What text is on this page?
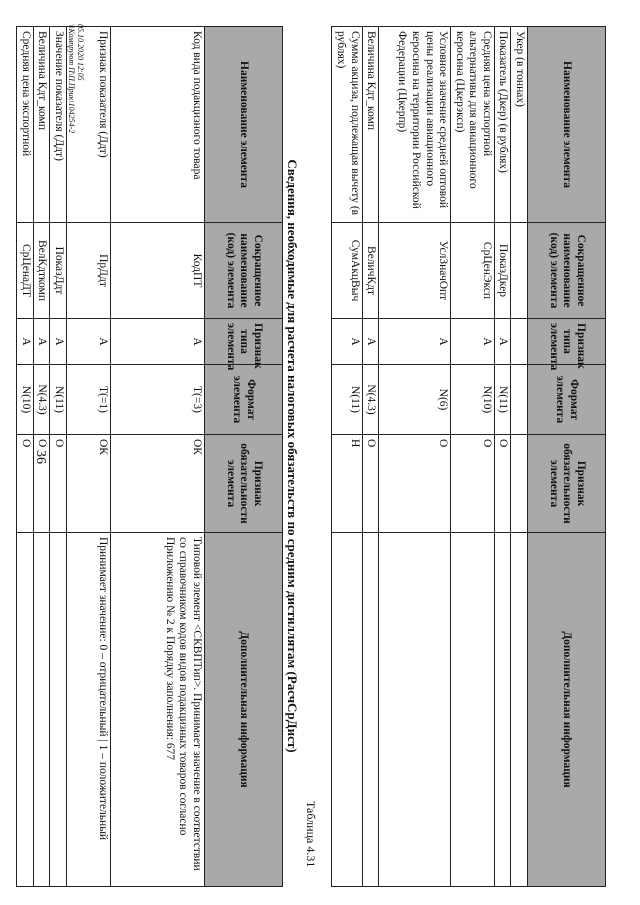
36
Наименование элемента	Сокращенное наименование (код) элемента	Признак типа элемента	Формат элемента	Признак обязательности элемента	Дополнительная информация
Укер (в тоннах)					
Показатель (Дкер) (в рублях)	ПоказДкер	А	N(11)	О	
Средняя цена экспортной альтернативы для авиационного керосина (Цкерэксп)	СрЦенЭксп	А	N(10)	О	
Условное значение средней оптовой цены реализации авиационного керосина на территории Российской Федерации (Цкерпр)	УслЗначОпт	А	N(6)	О	
Величина Кдт_комп	ВеличКдт	А	N(4.3)	О	
Сумма акциза, подлежащая вычету (в рублях)	СумАкцВыч	А	N(11)	Н	
Таблица 4.31
Сведения, необходимые для расчета налоговых обязательств по средним дистиллятам (РасчСрДист)
Наименование элемента	Сокращенное наименование (код) элемента	Признак типа элемента	Формат элемента	Признак обязательности элемента	Дополнительная информация
Код вида подакцизного товара	КодПТ	А	Т(=3)	ОК	Типовой элемент <СКВПТип>. Принимает значение в соответствии со справочником кодов видов подакцизных товаров согласно Приложению № 2 к Порядку заполнения: 677
Признак показателя (Ддт)	ПрДдт	А	Т(=1)	ОК	Принимает значение: 0 – отрицательный | 1 – положительный
Значение показателя (Ддт)	ПоказДдт	А	N(11)	О	
Величина Кдт_комп	ВелКдткомп	А	N(4.3)	О	
Средняя цена экспортной	СрЦенаДТ	А	N(10)	О	
05.10.2020 12:05
\\Компруют П\П.Прик\104254-2
